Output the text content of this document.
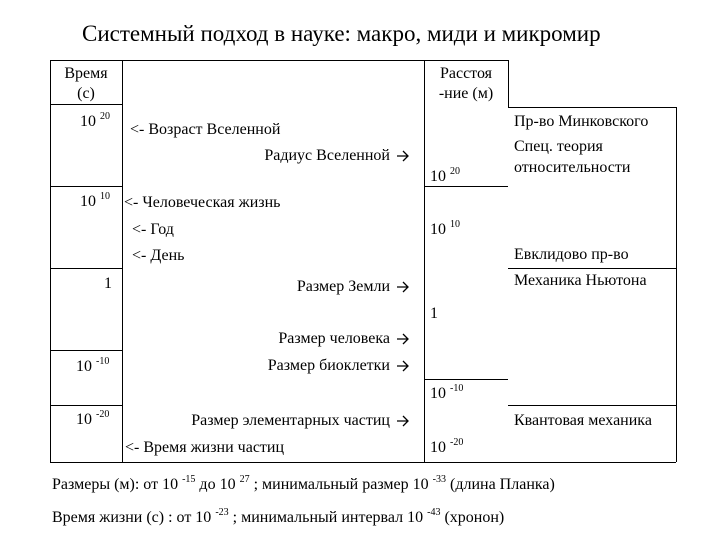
Системный подход в науке: макро, миди и микромир
Время
(с)
Расстоя
-ние (м)
10 $^{20}$
10 $^{10}$
1
10 $^{-10}$
10 $^{-20}$
10 $^{20}$
10 $^{10}$
1
10 $^{-10}$
10 $^{-20}$
<- Возраст Вселенной
<- Человеческая жизнь
<- Год
<- День
<- Время жизни частиц
Радиус Вселенной
Размер Земли
Размер человека
Размер биоклетки
Размер элементарных частиц
Пр-во Минковского
Спец. теория
относительности
Евклидово пр-во
Механика Ньютона
Квантовая механика
Размеры (м): от 10 $^{-15}$ до 10 $^{27}$ ; минимальный размер 10 $^{-33}$ (длина Планка)
Время жизни (с) : от 10 $^{-23}$ ; минимальный интервал 10 $^{-43}$ (хронон)
